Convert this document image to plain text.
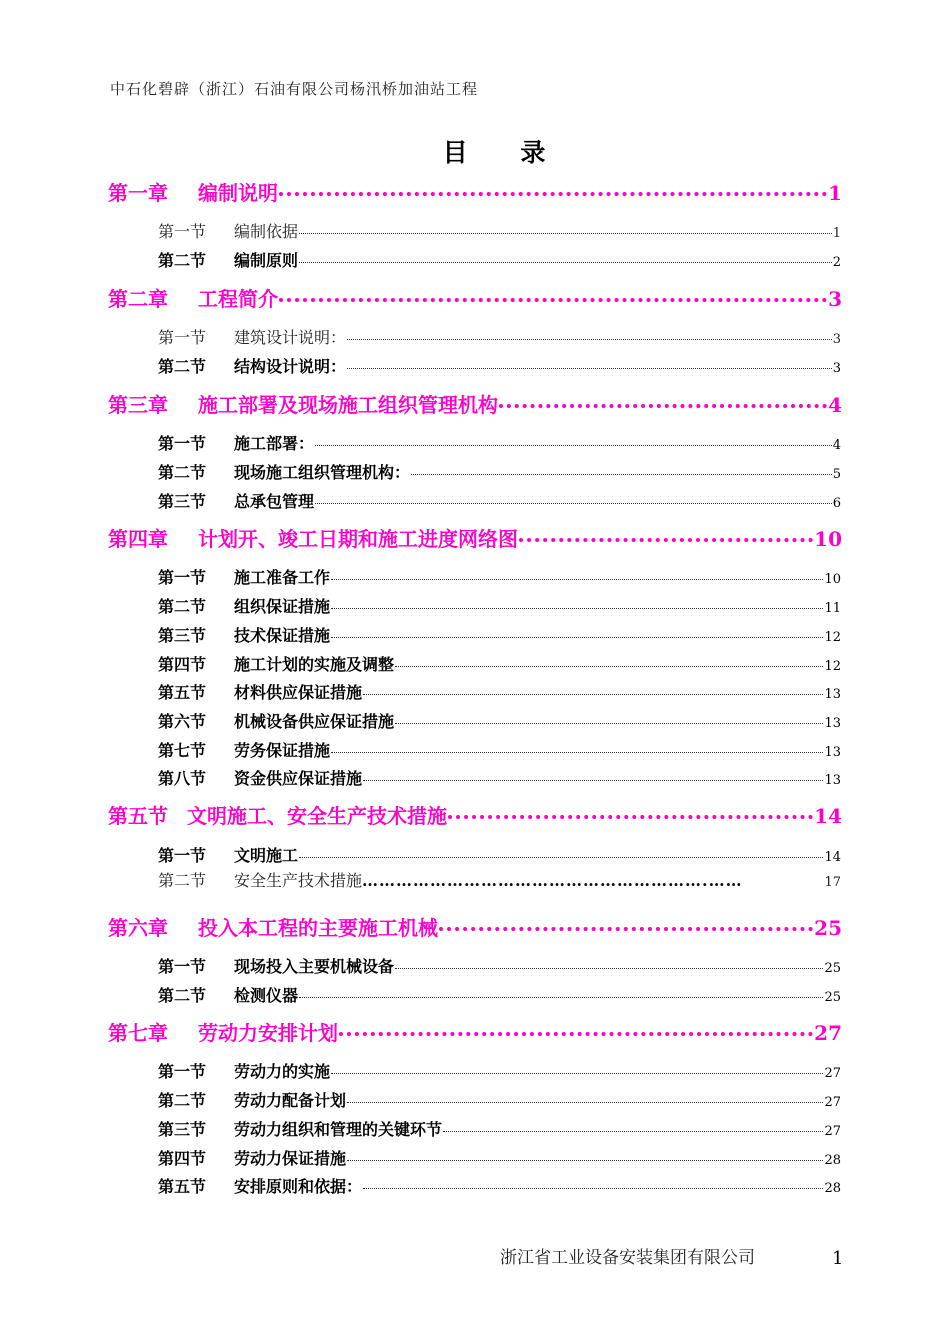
中石化碧辟（浙江）石油有限公司杨汛桥加油站工程
目 录
第一章	编制说明	1
第一节	编制依据	1
第二节	编制原则	2
第二章	工程简介	3
第一节	建筑设计说明：	3
第二节	结构设计说明：	3
第三章	施工部署及现场施工组织管理机构	4
第一节	施工部署：	4
第二节	现场施工组织管理机构：	5
第三节	总承包管理	6
第四章	计划开、竣工日期和施工进度网络图	10
第一节	施工准备工作	10
第二节	组织保证措施	11
第三节	技术保证措施	12
第四节	施工计划的实施及调整	12
第五节	材料供应保证措施	13
第六节	机械设备供应保证措施	13
第七节	劳务保证措施	13
第八节	资金供应保证措施	13
第五节 文明施工、安全生产技术措施	14
第一节	文明施工	14
第二节	安全生产技术措施 …………………………………………………….……	17
第六章	投入本工程的主要施工机械	25
第一节	现场投入主要机械设备	25
第二节	检测仪器	25
第七章	劳动力安排计划	27
第一节	劳动力的实施	27
第二节	劳动力配备计划	27
第三节	劳动力组织和管理的关键环节	27
第四节	劳动力保证措施	28
第五节	安排原则和依据：	28
浙江省工业设备安装集团有限公司	1
